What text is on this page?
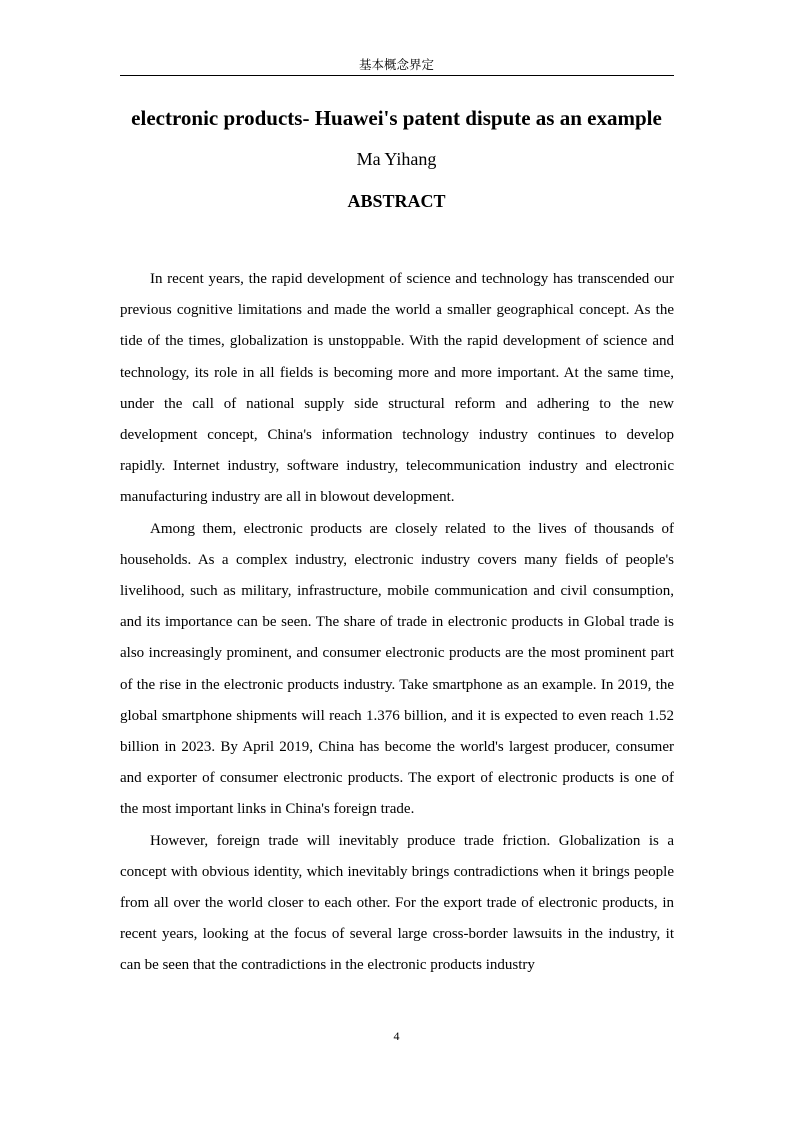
基本概念界定
electronic products- Huawei's patent dispute as an example
Ma Yihang
ABSTRACT

In recent years, the rapid development of science and technology has transcended our previous cognitive limitations and made the world a smaller geographical concept. As the tide of the times, globalization is unstoppable. With the rapid development of science and technology, its role in all fields is becoming more and more important. At the same time, under the call of national supply side structural reform and adhering to the new development concept, China's information technology industry continues to develop rapidly. Internet industry, software industry, telecommunication industry and electronic manufacturing industry are all in blowout development.

Among them, electronic products are closely related to the lives of thousands of households. As a complex industry, electronic industry covers many fields of people's livelihood, such as military, infrastructure, mobile communication and civil consumption, and its importance can be seen. The share of trade in electronic products in Global trade is also increasingly prominent, and consumer electronic products are the most prominent part of the rise in the electronic products industry. Take smartphone as an example. In 2019, the global smartphone shipments will reach 1.376 billion, and it is expected to even reach 1.52 billion in 2023. By April 2019, China has become the world's largest producer, consumer and exporter of consumer electronic products. The export of electronic products is one of the most important links in China's foreign trade.

However, foreign trade will inevitably produce trade friction. Globalization is a concept with obvious identity, which inevitably brings contradictions when it brings people from all over the world closer to each other. For the export trade of electronic products, in recent years, looking at the focus of several large cross-border lawsuits in the industry, it can be seen that the contradictions in the electronic products industry

4
